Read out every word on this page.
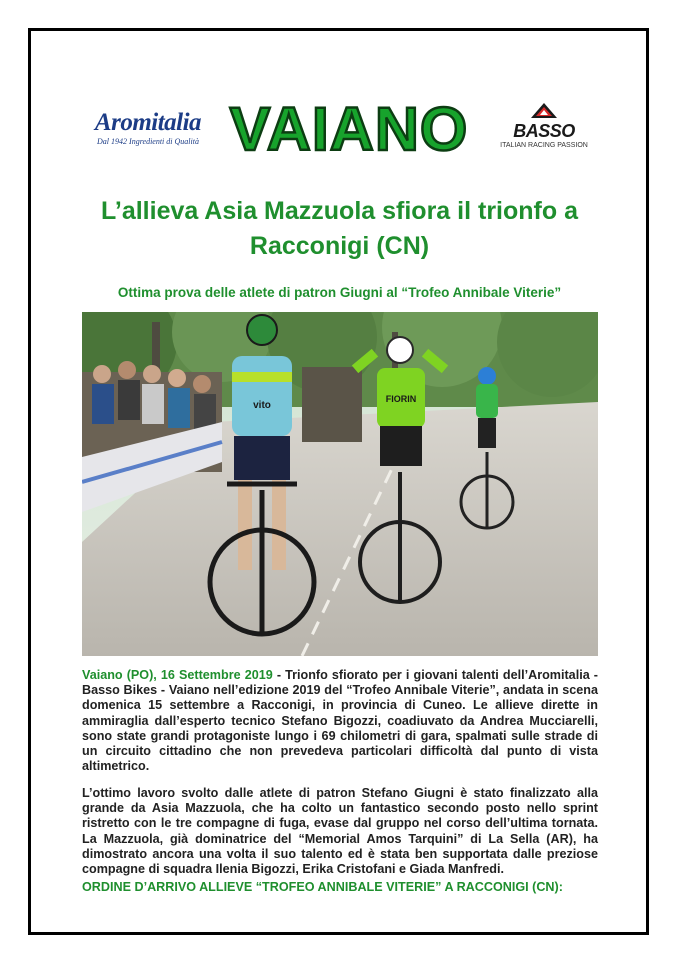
Aromitalia
Dal 1942 Ingredienti di Qualità VAIANO	BASSO
ITALIAN RACING PASSION
L’allieva Asia Mazzuola sfiora il trionfo a Racconigi (CN)
Ottima prova delle atlete di patron Giugni al “Trofeo Annibale Viterie”
FIORIN
vito
Vaiano (PO), 16 Settembre 2019 - Trionfo sfiorato per i giovani talenti dell’Aromitalia - Basso Bikes - Vaiano nell’edizione 2019 del “Trofeo Annibale Viterie”, andata in scena domenica 15 settembre a Racconigi, in provincia di Cuneo. Le allieve dirette in ammiraglia dall’esperto tecnico Stefano Bigozzi, coadiuvato da Andrea Mucciarelli, sono state grandi protagoniste lungo i 69 chilometri di gara, spalmati sulle strade di un circuito cittadino che non prevedeva particolari difficoltà dal punto di vista altimetrico.
L’ottimo lavoro svolto dalle atlete di patron Stefano Giugni è stato finalizzato alla grande da Asia Mazzuola, che ha colto un fantastico secondo posto nello sprint ristretto con le tre compagne di fuga, evase dal gruppo nel corso dell’ultima tornata. La Mazzuola, già dominatrice del “Memorial Amos Tarquini” di La Sella (AR), ha dimostrato ancora una volta il suo talento ed è stata ben supportata dalle preziose compagne di squadra Ilenia Bigozzi, Erika Cristofani e Giada Manfredi.
ORDINE D’ARRIVO ALLIEVE “TROFEO ANNIBALE VITERIE” A RACCONIGI (CN):
